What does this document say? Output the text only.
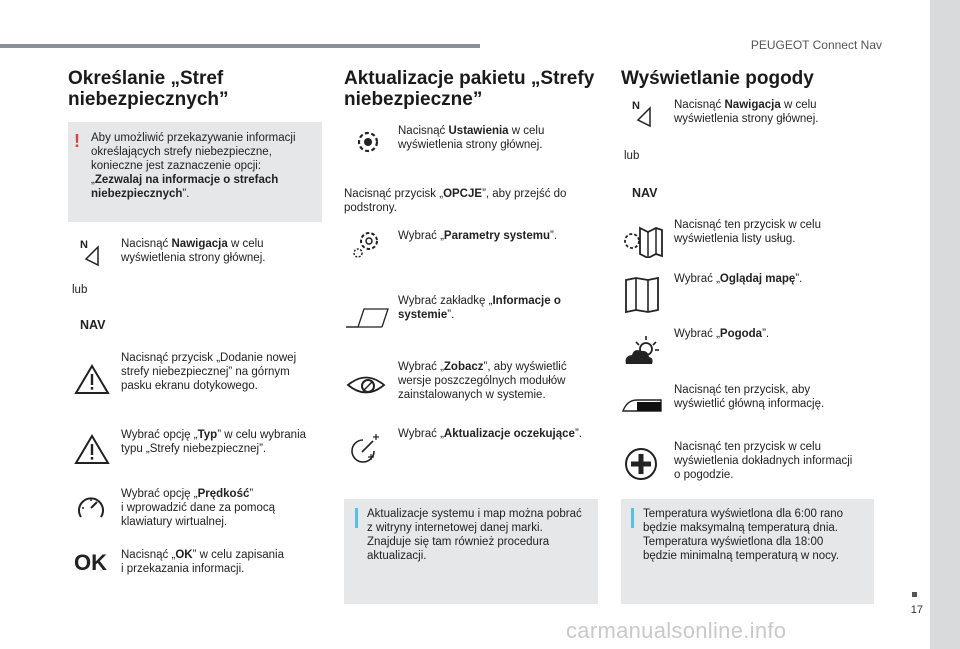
PEUGEOT Connect Nav
17
carmanualsonline.info
Określanie „Stref
niebezpiecznych”
! Aby umożliwić przekazywanie informacji
określających strefy niebezpieczne,
konieczne jest zaznaczenie opcji:
„Zezwalaj na informacje o strefach
niebezpiecznych”.
N	Nacisnąć Nawigacja w celu
wyświetlenia strony głównej.
lub
NAV
Nacisnąć przycisk „Dodanie nowej
strefy niebezpiecznej” na górnym
pasku ekranu dotykowego.
Wybrać opcję „Typ” w celu wybrania
typu „Strefy niebezpiecznej”.
Wybrać opcję „Prędkość”
i wprowadzić dane za pomocą
klawiatury wirtualnej.
OK Nacisnąć „OK” w celu zapisania
i przekazania informacji.
Aktualizacje pakietu „Strefy
niebezpieczne”
Nacisnąć Ustawienia w celu
wyświetlenia strony głównej.
Nacisnąć przycisk „OPCJE”, aby przejść do
podstrony.
Wybrać „Parametry systemu”.
Wybrać zakładkę „Informacje o
systemie”.
Wybrać „Zobacz”, aby wyświetlić
wersje poszczególnych modułów
zainstalowanych w systemie.
Wybrać „Aktualizacje oczekujące”.
Aktualizacje systemu i map można pobrać
z witryny internetowej danej marki.
Znajduje się tam również procedura
aktualizacji.
Wyświetlanie pogody
N	Nacisnąć Nawigacja w celu
wyświetlenia strony głównej.
lub
NAV
Nacisnąć ten przycisk w celu
wyświetlenia listy usług.
Wybrać „Oglądaj mapę”.
Wybrać „Pogoda”.
Nacisnąć ten przycisk, aby
wyświetlić główną informację.
Nacisnąć ten przycisk w celu
wyświetlenia dokładnych informacji
o pogodzie.
Temperatura wyświetlona dla 6:00 rano
będzie maksymalną temperaturą dnia.
Temperatura wyświetlona dla 18:00
będzie minimalną temperaturą w nocy.
